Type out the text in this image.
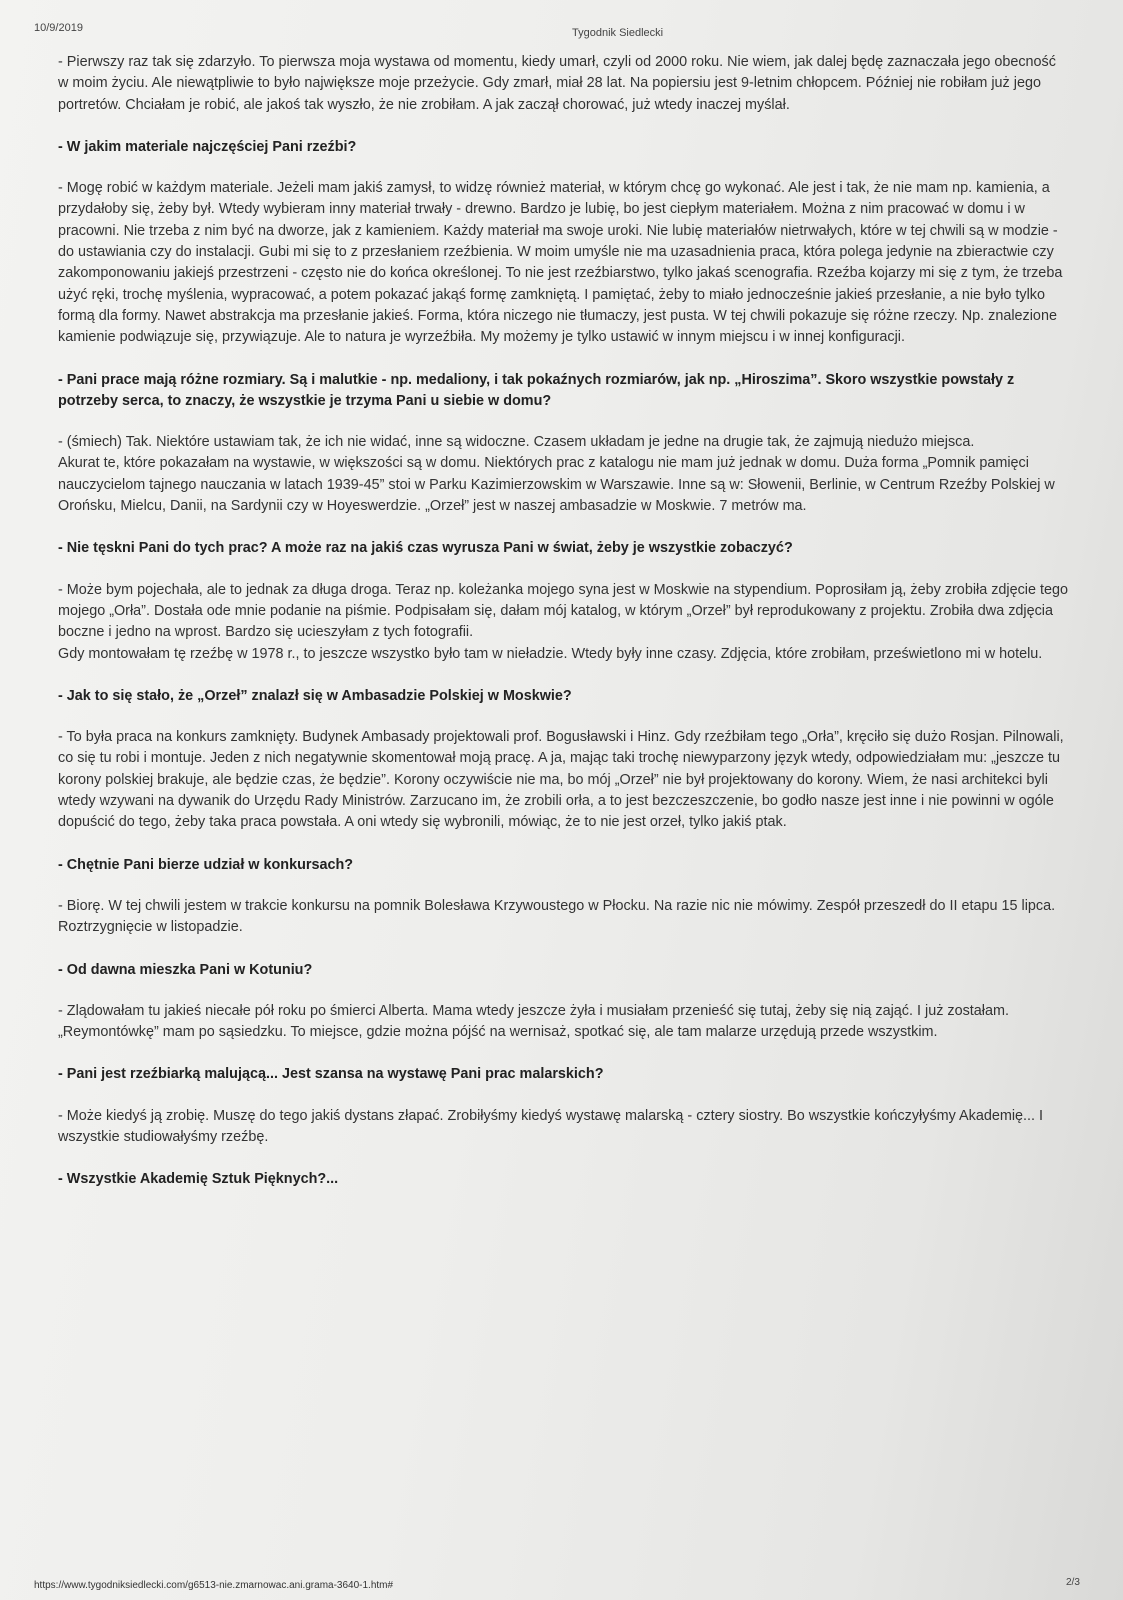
10/9/2019	Tygodnik Siedlecki

- Pierwszy raz tak się zdarzyło. To pierwsza moja wystawa od momentu, kiedy umarł, czyli od 2000 roku. Nie wiem, jak dalej będę zaznaczała jego obecność w moim życiu. Ale niewątpliwie to było największe moje przeżycie. Gdy zmarł, miał 28 lat. Na popiersiu jest 9-letnim chłopcem. Później nie robiłam już jego portretów. Chciałam je robić, ale jakoś tak wyszło, że nie zrobiłam. A jak zaczął chorować, już wtedy inaczej myślał.

- W jakim materiale najczęściej Pani rzeźbi?

- Mogę robić w każdym materiale. Jeżeli mam jakiś zamysł, to widzę również materiał, w którym chcę go wykonać. Ale jest i tak, że nie mam np. kamienia, a przydałoby się, żeby był. Wtedy wybieram inny materiał trwały - drewno. Bardzo je lubię, bo jest ciepłym materiałem. Można z nim pracować w domu i w pracowni. Nie trzeba z nim być na dworze, jak z kamieniem. Każdy materiał ma swoje uroki. Nie lubię materiałów nietrwałych, które w tej chwili są w modzie - do ustawiania czy do instalacji. Gubi mi się to z przesłaniem rzeźbienia. W moim umyśle nie ma uzasadnienia praca, która polega jedynie na zbieractwie czy zakomponowaniu jakiejś przestrzeni - często nie do końca określonej. To nie jest rzeźbiarstwo, tylko jakaś scenografia. Rzeźba kojarzy mi się z tym, że trzeba użyć ręki, trochę myślenia, wypracować, a potem pokazać jakąś formę zamkniętą. I pamiętać, żeby to miało jednocześnie jakieś przesłanie, a nie było tylko formą dla formy. Nawet abstrakcja ma przesłanie jakieś. Forma, która niczego nie tłumaczy, jest pusta. W tej chwili pokazuje się różne rzeczy. Np. znalezione kamienie podwiązuje się, przywiązuje. Ale to natura je wyrzeźbiła. My możemy je tylko ustawić w innym miejscu i w innej konfiguracji.

- Pani prace mają różne rozmiary. Są i malutkie - np. medaliony, i tak pokaźnych rozmiarów, jak np. „Hiroszima”. Skoro wszystkie powstały z potrzeby serca, to znaczy, że wszystkie je trzyma Pani u siebie w domu?

- (śmiech) Tak. Niektóre ustawiam tak, że ich nie widać, inne są widoczne. Czasem układam je jedne na drugie tak, że zajmują niedużo miejsca.

Akurat te, które pokazałam na wystawie, w większości są w domu. Niektórych prac z katalogu nie mam już jednak w domu. Duża forma „Pomnik pamięci nauczycielom tajnego nauczania w latach 1939-45” stoi w Parku Kazimierzowskim w Warszawie. Inne są w: Słowenii, Berlinie, w Centrum Rzeźby Polskiej w Orońsku, Mielcu, Danii, na Sardynii czy w Hoyeswerdzie. „Orzeł” jest w naszej ambasadzie w Moskwie. 7 metrów ma.

- Nie tęskni Pani do tych prac? A może raz na jakiś czas wyrusza Pani w świat, żeby je wszystkie zobaczyć?

- Może bym pojechała, ale to jednak za długa droga. Teraz np. koleżanka mojego syna jest w Moskwie na stypendium. Poprosiłam ją, żeby zrobiła zdjęcie tego mojego „Orła”. Dostała ode mnie podanie na piśmie. Podpisałam się, dałam mój katalog, w którym „Orzeł” był reprodukowany z projektu. Zrobiła dwa zdjęcia boczne i jedno na wprost. Bardzo się ucieszyłam z tych fotografii.

Gdy montowałam tę rzeźbę w 1978 r., to jeszcze wszystko było tam w nieładzie. Wtedy były inne czasy. Zdjęcia, które zrobiłam, prześwietlono mi w hotelu.

- Jak to się stało, że „Orzeł” znalazł się w Ambasadzie Polskiej w Moskwie?

- To była praca na konkurs zamknięty. Budynek Ambasady projektowali prof. Bogusławski i Hinz. Gdy rzeźbiłam tego „Orła”, kręciło się dużo Rosjan. Pilnowali, co się tu robi i montuje. Jeden z nich negatywnie skomentował moją pracę. A ja, mając taki trochę niewyparzony język wtedy, odpowiedziałam mu: „jeszcze tu korony polskiej brakuje, ale będzie czas, że będzie”. Korony oczywiście nie ma, bo mój „Orzeł” nie był projektowany do korony. Wiem, że nasi architekci byli wtedy wzywani na dywanik do Urzędu Rady Ministrów. Zarzucano im, że zrobili orła, a to jest bezczeszczenie, bo godło nasze jest inne i nie powinni w ogóle dopuścić do tego, żeby taka praca powstała. A oni wtedy się wybronili, mówiąc, że to nie jest orzeł, tylko jakiś ptak.

- Chętnie Pani bierze udział w konkursach?

- Biorę. W tej chwili jestem w trakcie konkursu na pomnik Bolesława Krzywoustego w Płocku. Na razie nic nie mówimy. Zespół przeszedł do II etapu 15 lipca. Roztrzygnięcie w listopadzie.

- Od dawna mieszka Pani w Kotuniu?

- Zlądowałam tu jakieś niecałe pół roku po śmierci Alberta. Mama wtedy jeszcze żyła i musiałam przenieść się tutaj, żeby się nią zająć. I już zostałam. „Reymontówkę” mam po sąsiedzku. To miejsce, gdzie można pójść na wernisaż, spotkać się, ale tam malarze urzędują przede wszystkim.

- Pani jest rzeźbiarką malującą... Jest szansa na wystawę Pani prac malarskich?

- Może kiedyś ją zrobię. Muszę do tego jakiś dystans złapać. Zrobiłyśmy kiedyś wystawę malarską - cztery siostry. Bo wszystkie kończyłyśmy Akademię... I wszystkie studiowałyśmy rzeźbę.

- Wszystkie Akademię Sztuk Pięknych?...

https://www.tygodniksiedlecki.com/g6513-nie.zmarnowac.ani.grama-3640-1.htm#	2/3
